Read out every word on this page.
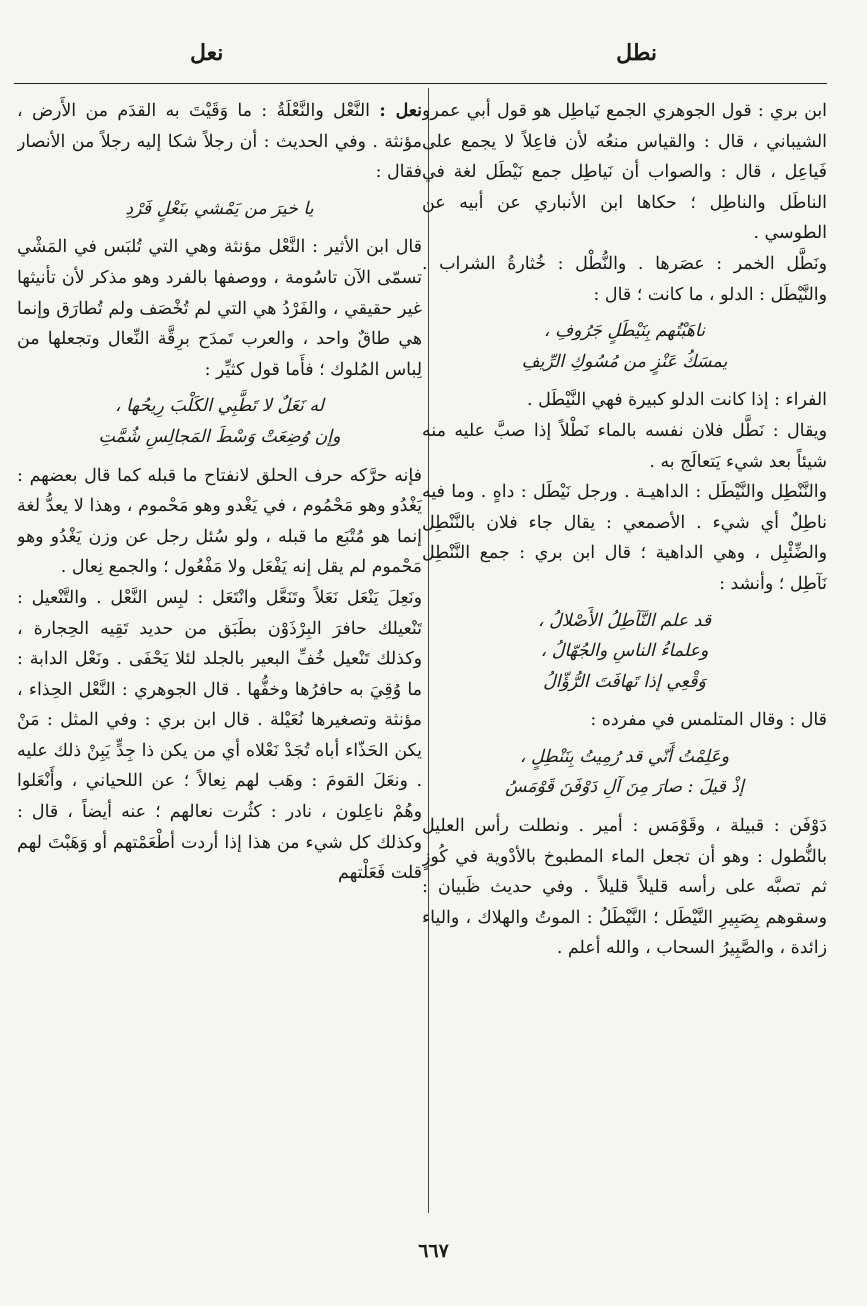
نطل
نعل

ابن بري : قول الجوهري الجمع نَياطِل هو قول أبي عمرو الشيباني ، قال : والقياس منعُه لأن فاعِلاً لا يجمع على فَياعِل ، قال : والصواب أن نَياطِل جمع نَيْطَل لغة في الناطَل والناطِل ؛ حكاها ابن الأنباري عن أبيه عن الطوسي .

ونَطَّل الخمر : عصَرها . والنُّطْل : خُثارةُ الشراب . والنَّيْطَل : الدلو ، ما كانت ؛ قال :

ناهَبْتُهم بِنَيْطَلٍ جَرُوفِ ،
يمسَكُ عَنْزٍ من مُسُوكِ الرِّيفِ

الفراء : إذا كانت الدلو كبيرة فهي النَّيْطَل .

ويقال : نَطَّل فلان نفسه بالماء نَطْلاً إذا صبَّ عليه منه شيئاً بعد شيء يَتعالَج به .

والنَّنْطِل والنَّيْطَل : الداهيـة . ورجل نَيْطَل : داهٍ . وما فيه ناطِلٌ أي شيء . الأصمعي : يقال جاء فلان بالنَّنْطِل والضِّئْبِل ، وهي الداهية ؛ قال ابن بري : جمع النَّنْطِل نَآطِل ؛ وأنشد :

قد علم النَّآطِلُ الأَصْلالُ ،
وعلماءُ الناسِ والجُهّالُ ،
وَقْعِي إذا تَهافَتَ الرُّؤّالُ

قال : وقال المتلمس في مفرده :

وعَلِمْتُ أَنّي قد رُمِيتُ بِنَنْطِلٍ ،
إذْ قيلَ : صارَ مِنَ آلِ دَوْفَنَ قَوْمَسُ

دَوْفَن : قبيلة ، وقَوْمَس : أمير . ونطلت رأس العليل بالنُّطول : وهو أن تجعل الماء المطبوخ بالأدْوية في كُوزٍ ثم تصبَّه على رأسه قليلاً قليلاً . وفي حديث ظَبيان : وسقوهم بِصَبِيرِ النَّيْطَل ؛ النَّيْطَلُ : الموتُ والهلاك ، والياء زائدة ، والصَّبِيرُ السحاب ، والله أعلم .

نعل : النَّعْل والنَّعْلَةُ : ما وَقَيْتَ به القدَم من الأَرض ، مؤنثة . وفي الحديث : أن رجلاً شكا إليه رجلاً من الأنصار فقال :

يا خيرَ من يَمْشي بنَعْلٍ فَرْدِ

قال ابن الأثير : النَّعْل مؤنثة وهي التي تُلبَس في المَشْي تسمّى الآن تاسُومة ، ووصفها بالفرد وهو مذكر لأن تأنيثها غير حقيقي ، والفَرْدُ هي التي لم تُخْصَف ولم تُطارَق وإنما هي طاقٌ واحد ، والعرب تَمدَح برِقَّة النِّعال وتجعلها من لِباس المُلوك ؛ فأَما قول كثيِّر :

له نَعَلٌ لا تَطَّبِي الكَلْبَ رِيحُها ،
وإن وُضِعَتْ وَسْطَ المَجالِسِ شُمَّتِ

فإنه حرَّكه حرف الحلق لانفتاح ما قبله كما قال بعضهم : يَغْدُو وهو مَحْمُوم ، في يَغْدو وهو مَحْموم ، وهذا لا يعدُّ لغة إنما هو مُتْبَع ما قبله ، ولو سُئل رجل عن وزن يَغْدُو وهو مَحْموم لم يقل إنه يَفْعَل ولا مَفْعُول ؛ والجمع نِعال .

ونَعِلَ يَنْعَل نَعَلاً وتَنَعَّل وانْتَعَل : لبِس النَّعْل . والتَّنْعيل : تَنْعيلك حافرَ البِرْذَوْن بطَبَق من حديد تَقِيه الحِجارة ، وكذلك تَنْعيل خُفِّ البعير بالجلد لئلا يَحْفَى . ونَعْل الدابة : ما وُقِيَ به حافرُها وخفُّها . قال الجوهري : النَّعْل الحِذاء ، مؤنثة وتصغيرها نُعَيْلة . قال ابن بري : وفي المثل : مَنْ يكن الحَذّاء أباه تُجَدْ نَعْلاه أي من يكن ذا جِدٍّ يَبِنْ ذلك عليه . ونعَلَ القومَ : وهَب لهم نِعالاً ؛ عن اللحياني ، وأَنْعَلوا وهُمْ ناعِلون ، نادر : كثُرت نعالهم ؛ عنه أيضاً ، قال : وكذلك كل شيء من هذا إذا أردت أطْعَمْتهم أو وَهَبْتَ لهم قلت فَعَلْتهم

٦٦٧
